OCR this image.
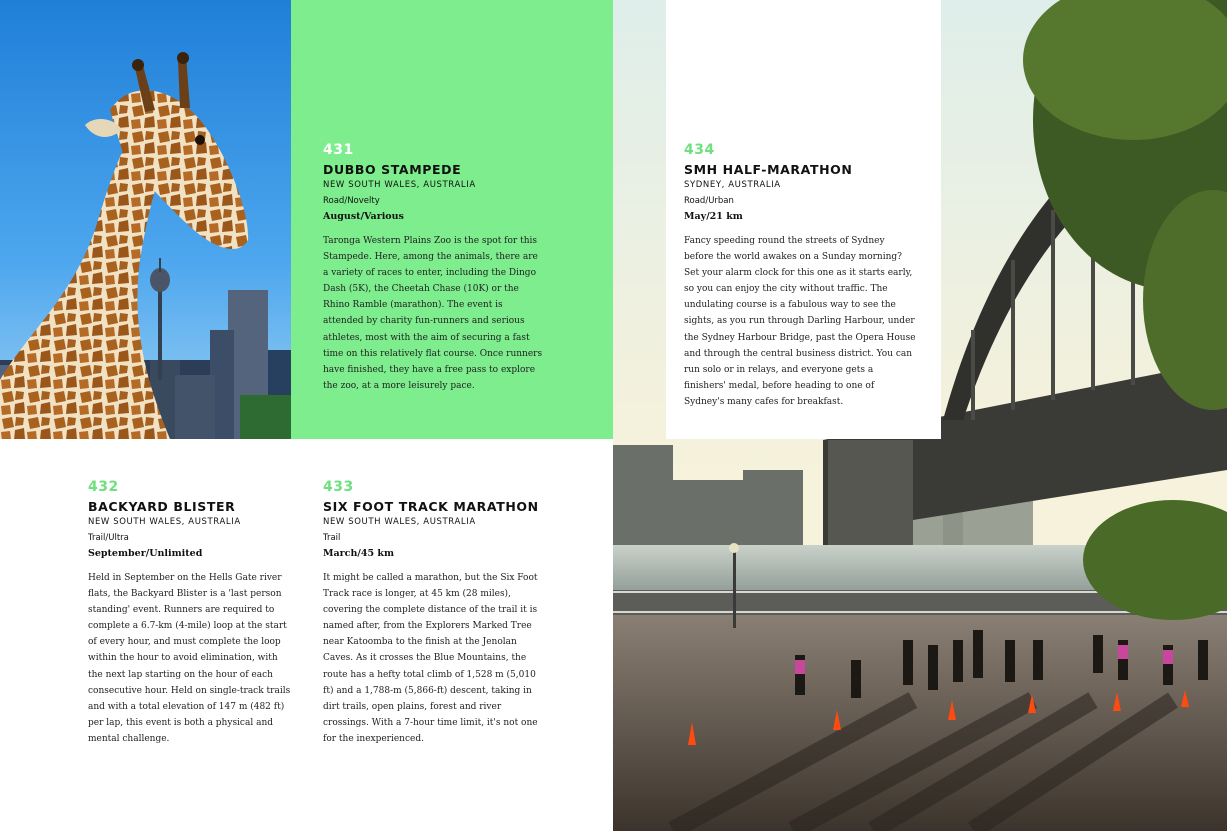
431
DUBBO STAMPEDE
NEW SOUTH WALES, AUSTRALIA
Road/Novelty
August/Various
Taronga Western Plains Zoo is the spot for this Stampede. Here, among the animals, there are a variety of races to enter, including the Dingo Dash (5K), the Cheetah Chase (10K) or the Rhino Ramble (marathon). The event is attended by charity fun-runners and serious athletes, most with the aim of securing a fast time on this relatively flat course. Once runners have finished, they have a free pass to explore the zoo, at a more leisurely pace.
432
BACKYARD BLISTER
NEW SOUTH WALES, AUSTRALIA
Trail/Ultra
September/Unlimited
Held in September on the Hells Gate river flats, the Backyard Blister is a 'last person standing' event. Runners are required to complete a 6.7-km (4-mile) loop at the start of every hour, and must complete the loop within the hour to avoid elimination, with the next lap starting on the hour of each consecutive hour. Held on single-track trails and with a total elevation of 147 m (482 ft) per lap, this event is both a physical and mental challenge.
433
SIX FOOT TRACK MARATHON
NEW SOUTH WALES, AUSTRALIA
Trail
March/45 km
It might be called a marathon, but the Six Foot Track race is longer, at 45 km (28 miles), covering the complete distance of the trail it is named after, from the Explorers Marked Tree near Katoomba to the finish at the Jenolan Caves. As it crosses the Blue Mountains, the route has a hefty total climb of 1,528 m (5,010 ft) and a 1,788-m (5,866-ft) descent, taking in dirt trails, open plains, forest and river crossings. With a 7-hour time limit, it's not one for the inexperienced.
434
SMH HALF-MARATHON
SYDNEY, AUSTRALIA
Road/Urban
May/21 km
Fancy speeding round the streets of Sydney before the world awakes on a Sunday morning? Set your alarm clock for this one as it starts early, so you can enjoy the city without traffic. The undulating course is a fabulous way to see the sights, as you run through Darling Harbour, under the Sydney Harbour Bridge, past the Opera House and through the central business district. You can run solo or in relays, and everyone gets a finishers' medal, before heading to one of Sydney's many cafes for breakfast.
